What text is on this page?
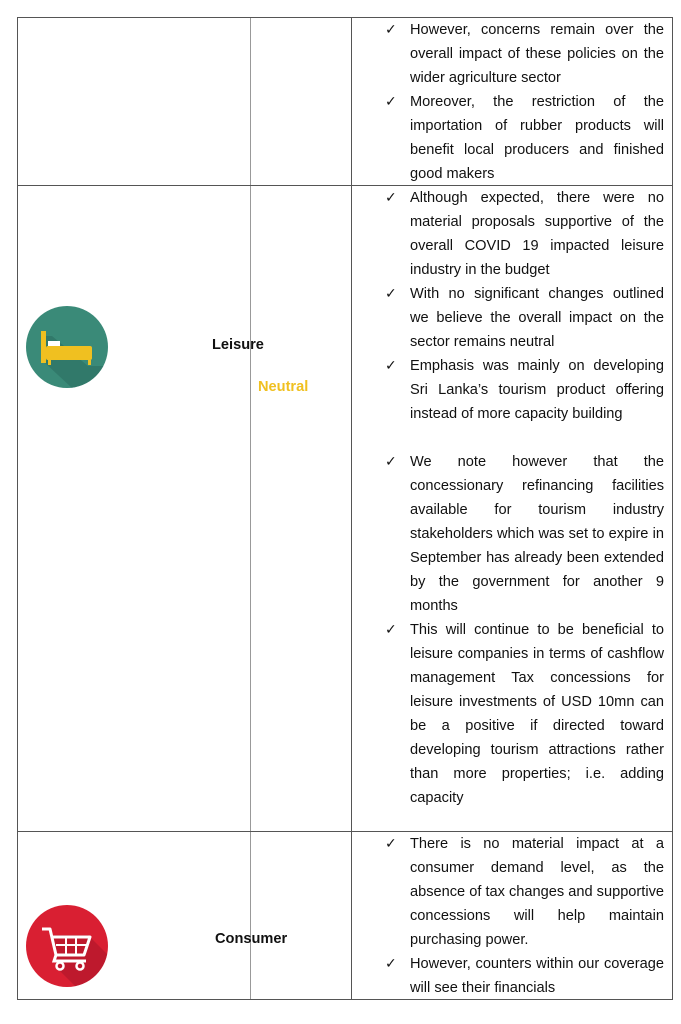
✓ However, concerns remain over the overall impact of these policies on the wider agriculture sector
✓ Moreover, the restriction of the importation of rubber products will benefit local producers and finished good makers
Leisure
Neutral
✓ Although expected, there were no material proposals supportive of the overall COVID 19 impacted leisure industry in the budget
✓ With no significant changes outlined we believe the overall impact on the sector remains neutral
✓ Emphasis was mainly on developing Sri Lanka’s tourism product offering instead of more capacity building
✓ We note however that the concessionary refinancing facilities available for tourism industry stakeholders which was set to expire in September has already been extended by the government for another 9 months
✓ This will continue to be beneficial to leisure companies in terms of cashflow management Tax concessions for leisure investments of USD 10mn can be a positive if directed toward developing tourism attractions rather than more properties; i.e. adding capacity
Consumer
✓ There is no material impact at a consumer demand level, as the absence of tax changes and supportive concessions will help maintain purchasing power.
✓ However, counters within our coverage will see their financials
